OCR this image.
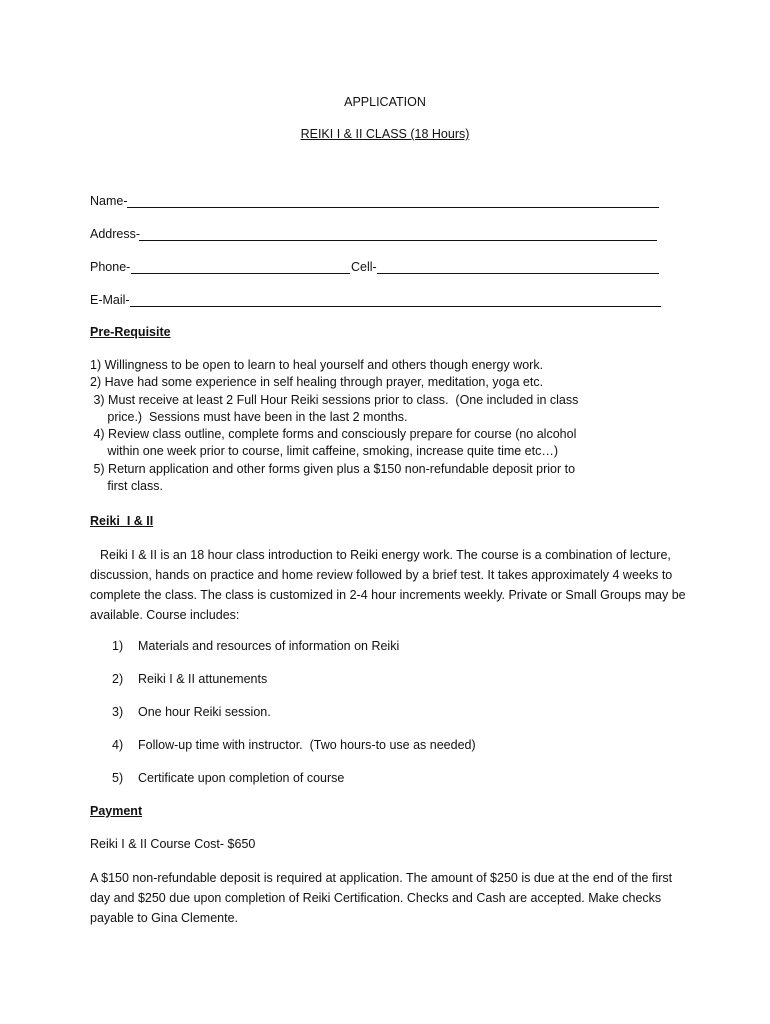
APPLICATION
REIKI I & II CLASS (18 Hours)
Name-
Address-
Phone-	Cell-
E-Mail-
Pre-Requisite
1) Willingness to be open to learn to heal yourself and others though energy work.
2) Have had some experience in self healing through prayer, meditation, yoga etc.
3) Must receive at least 2 Full Hour Reiki sessions prior to class.  (One included in class
price.)  Sessions must have been in the last 2 months.
4) Review class outline, complete forms and consciously prepare for course (no alcohol
within one week prior to course, limit caffeine, smoking, increase quite time etc…)
5) Return application and other forms given plus a $150 non-refundable deposit prior to
first class.
Reiki  I & II
Reiki I & II is an 18 hour class introduction to Reiki energy work. The course is a combination of lecture, discussion, hands on practice and home review followed by a brief test. It takes approximately 4 weeks to complete the class. The class is customized in 2-4 hour increments weekly. Private or Small Groups may be available. Course includes:
1) Materials and resources of information on Reiki
2) Reiki I & II attunements
3) One hour Reiki session.
4) Follow-up time with instructor.  (Two hours-to use as needed)
5) Certificate upon completion of course
Payment
Reiki I & II Course Cost- $650
A $150 non-refundable deposit is required at application. The amount of $250 is due at the end of the first day and $250 due upon completion of Reiki Certification. Checks and Cash are accepted. Make checks payable to Gina Clemente.
